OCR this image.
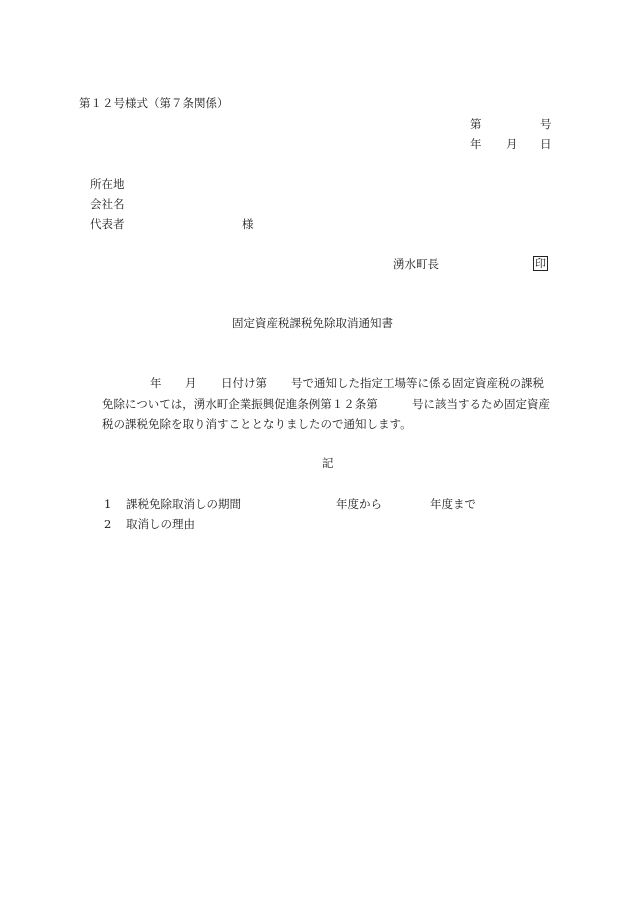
第１２号様式（第７条関係）
第	号
年 月 日
所在地
会社名
代表者	様
湧水町長	印
固定資産税課税免除取消通知書
年 月 日付け第 号で通知した指定工場等に係る固定資産税の課税
免除については，湧水町企業振興促進条例第１２条第	号に該当するため固定資産
税の課税免除を取り消すこととなりましたので通知します。
記
1 課税免除取消しの期間	年度から	年度まで
2 取消しの理由
